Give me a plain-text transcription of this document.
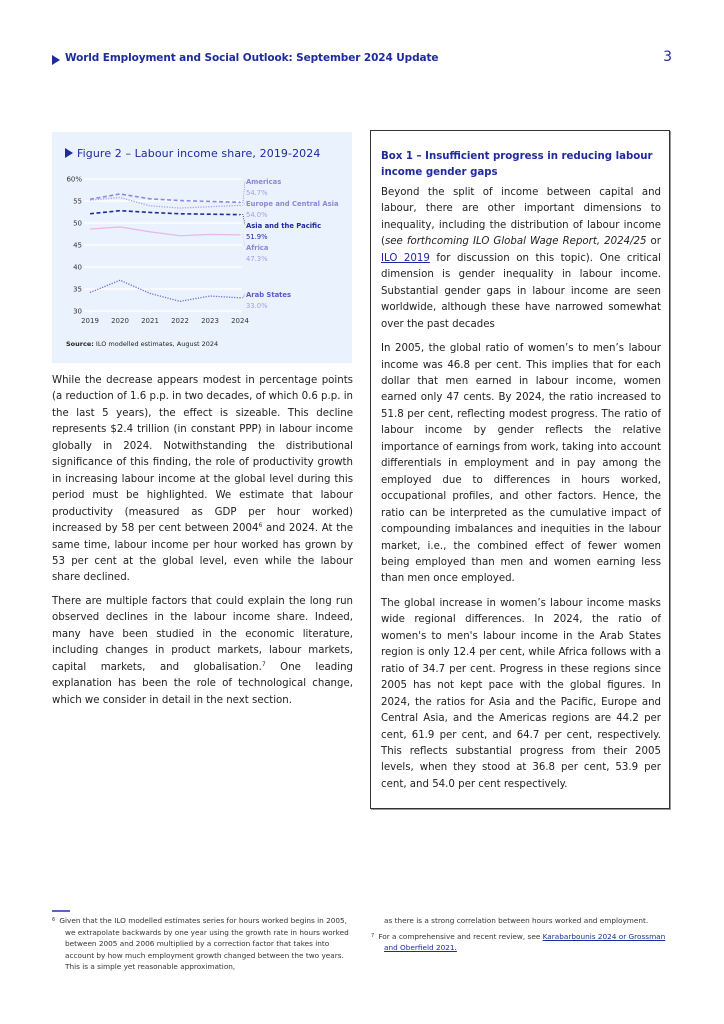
World Employment and Social Outlook: September 2024 Update	3
60%
55
50
45
40
35
30
2019 2020 2021 2022 2023 2024
Americas
54.7%
Europe and Central Asia
54.0%
Asia and the Pacific
51.9%
Africa
47.3%
Arab States
33.0%
Figure 2 – Labour income share, 2019-2024
Source: ILO modelled estimates, August 2024

While the decrease appears modest in percentage points (a reduction of 1.6 p.p. in two decades, of which 0.6 p.p. in the last 5 years), the effect is sizeable. This decline represents $2.4 trillion (in constant PPP) in labour income globally in 2024. Notwithstanding the distributional significance of this finding, the role of productivity growth in increasing labour income at the global level during this period must be highlighted. We estimate that labour productivity (measured as GDP per hour worked) increased by 58 per cent between 2004$^6$ and 2024. At the same time, labour income per hour worked has grown by 53 per cent at the global level, even while the labour share declined.

There are multiple factors that could explain the long run observed declines in the labour income share. Indeed, many have been studied in the economic literature, including changes in product markets, labour markets, capital markets, and globalisation.$^7$ One leading explanation has been the role of technological change, which we consider in detail in the next section.

Box 1 – Insufficient progress in reducing labour income gender gaps

Beyond the split of income between capital and labour, there are other important dimensions to inequality, including the distribution of labour income (see forthcoming ILO Global Wage Report, 2024/25 or ILO 2019 for discussion on this topic). One critical dimension is gender inequality in labour income. Substantial gender gaps in labour income are seen worldwide, although these have narrowed somewhat over the past decades

In 2005, the global ratio of women’s to men’s labour income was 46.8 per cent. This implies that for each dollar that men earned in labour income, women earned only 47 cents. By 2024, the ratio increased to 51.8 per cent, reflecting modest progress. The ratio of labour income by gender reflects the relative importance of earnings from work, taking into account differentials in employment and in pay among the employed due to differences in hours worked, occupational profiles, and other factors. Hence, the ratio can be interpreted as the cumulative impact of compounding imbalances and inequities in the labour market, i.e., the combined effect of fewer women being employed than men and women earning less than men once employed.

The global increase in women’s labour income masks wide regional differences. In 2024, the ratio of women's to men's labour income in the Arab States region is only 12.4 per cent, while Africa follows with a ratio of 34.7 per cent. Progress in these regions since 2005 has not kept pace with the global figures. In 2024, the ratios for Asia and the Pacific, Europe and Central Asia, and the Americas regions are 44.2 per cent, 61.9 per cent, and 64.7 per cent, respectively. This reflects substantial progress from their 2005 levels, when they stood at 36.8 per cent, 53.9 per cent, and 54.0 per cent respectively.

6 Given that the ILO modelled estimates series for hours worked begins in 2005, we extrapolate backwards by one year using the growth rate in hours worked between 2005 and 2006 multiplied by a correction factor that takes into account by how much employment growth changed between the two years. This is a simple yet reasonable approximation,
as there is a strong correlation between hours worked and employment.
7 For a comprehensive and recent review, see Karabarbounis 2024 or Grossman and Oberfield 2021.
